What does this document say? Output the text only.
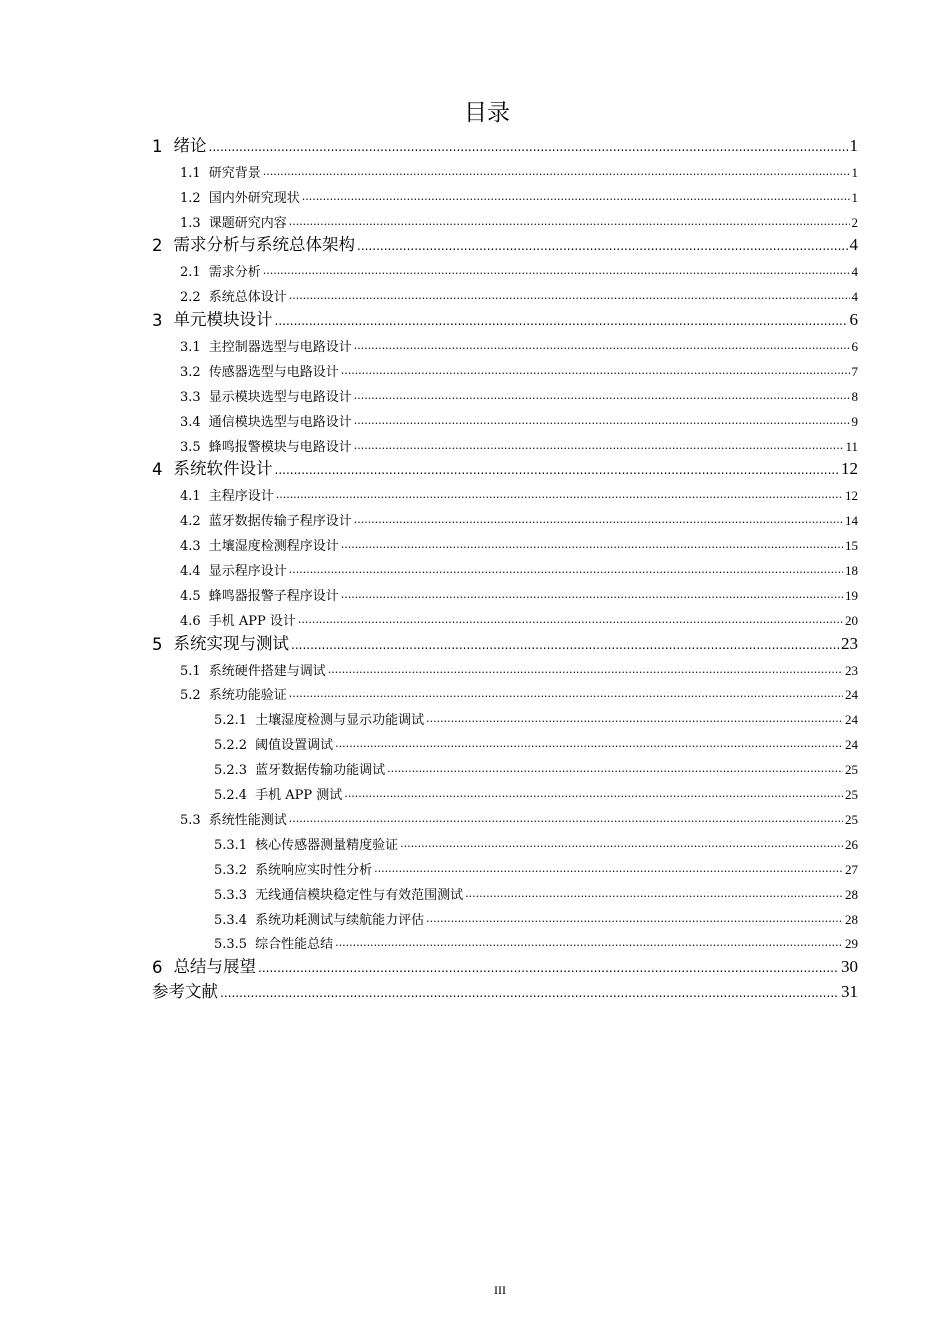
目录
1 绪论 .....	1
1.1 研究背景 .....	1
1.2 国内外研究现状 .....	1
1.3 课题研究内容 .....	2
2 需求分析与系统总体架构 .....	4
2.1 需求分析 .....	4
2.2 系统总体设计 .....	4
3 单元模块设计 .....	6
3.1 主控制器选型与电路设计 .....	6
3.2 传感器选型与电路设计 .....	7
3.3 显示模块选型与电路设计 .....	8
3.4 通信模块选型与电路设计 .....	9
3.5 蜂鸣报警模块与电路设计 .....	11
4 系统软件设计 .....	12
4.1 主程序设计 .....	12
4.2 蓝牙数据传输子程序设计 .....	14
4.3 土壤湿度检测程序设计 .....	15
4.4 显示程序设计 .....	18
4.5 蜂鸣器报警子程序设计 .....	19
4.6 手机 APP 设计 .....	20
5 系统实现与测试 .....	23
5.1 系统硬件搭建与调试 .....	23
5.2 系统功能验证 .....	24
5.2.1 土壤湿度检测与显示功能调试 .....	24
5.2.2 阈值设置调试 .....	24
5.2.3 蓝牙数据传输功能调试 .....	25
5.2.4 手机 APP 测试 .....	25
5.3 系统性能测试 .....	25
5.3.1 核心传感器测量精度验证 .....	26
5.3.2 系统响应实时性分析 .....	27
5.3.3 无线通信模块稳定性与有效范围测试 .....	28
5.3.4 系统功耗测试与续航能力评估 .....	28
5.3.5 综合性能总结 .....	29
6 总结与展望 .....	30
参考文献 .....	31
III
